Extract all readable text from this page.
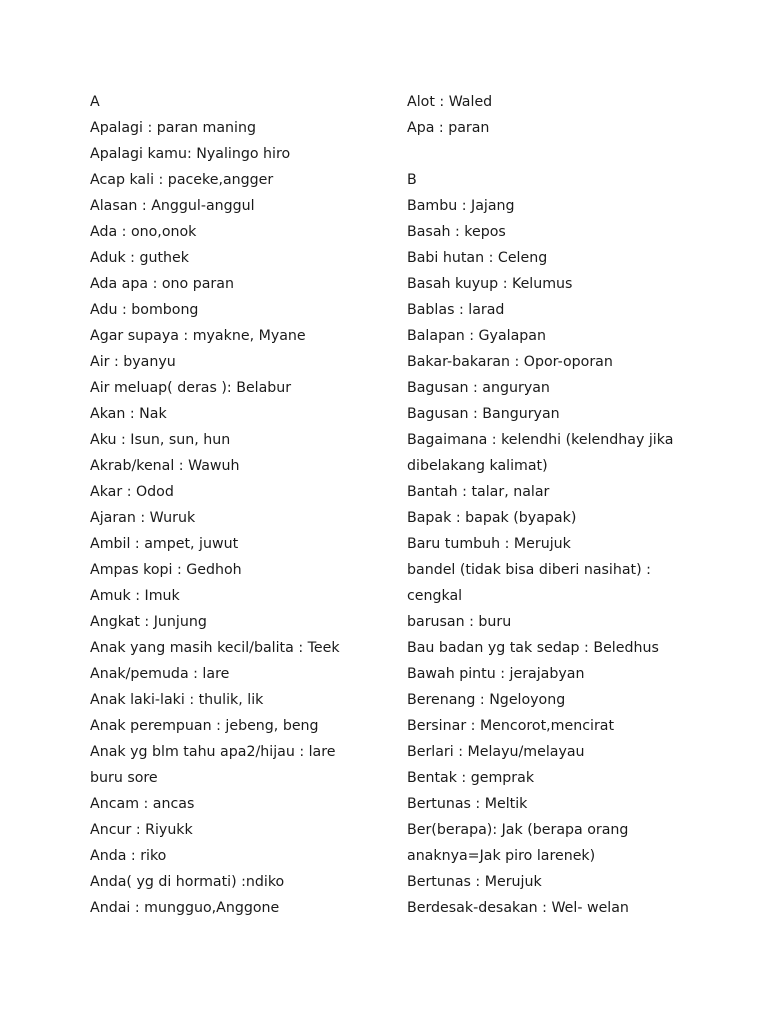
A
Apalagi : paran maning
Apalagi kamu: Nyalingo hiro
Acap kali : paceke,angger
Alasan : Anggul-anggul
Ada : ono,onok
Aduk : guthek
Ada apa : ono paran
Adu : bombong
Agar supaya : myakne, Myane
Air : byanyu
Air meluap( deras ): Belabur
Akan : Nak
Aku : Isun, sun, hun
Akrab/kenal : Wawuh
Akar : Odod
Ajaran : Wuruk
Ambil : ampet, juwut
Ampas kopi : Gedhoh
Amuk : Imuk
Angkat : Junjung
Anak yang masih kecil/balita : Teek
Anak/pemuda : lare
Anak laki-laki : thulik, lik
Anak perempuan : jebeng, beng
Anak yg blm tahu apa2/hijau : lare
buru sore
Ancam : ancas
Ancur : Riyukk
Anda : riko
Anda( yg di hormati) :ndiko
Andai : mungguo,Anggone
Alot : Waled
Apa : paran
B
Bambu : Jajang
Basah : kepos
Babi hutan : Celeng
Basah kuyup : Kelumus
Bablas : larad
Balapan : Gyalapan
Bakar-bakaran : Opor-oporan
Bagusan : anguryan
Bagusan : Banguryan
Bagaimana : kelendhi (kelendhay jika
dibelakang kalimat)
Bantah : talar, nalar
Bapak : bapak (byapak)
Baru tumbuh : Merujuk
bandel (tidak bisa diberi nasihat) :
cengkal
barusan : buru
Bau badan yg tak sedap : Beledhus
Bawah pintu : jerajabyan
Berenang : Ngeloyong
Bersinar : Mencorot,mencirat
Berlari : Melayu/melayau
Bentak : gemprak
Bertunas : Meltik
Ber(berapa): Jak (berapa orang
anaknya=Jak piro larenek)
Bertunas : Merujuk
Berdesak-desakan : Wel- welan
